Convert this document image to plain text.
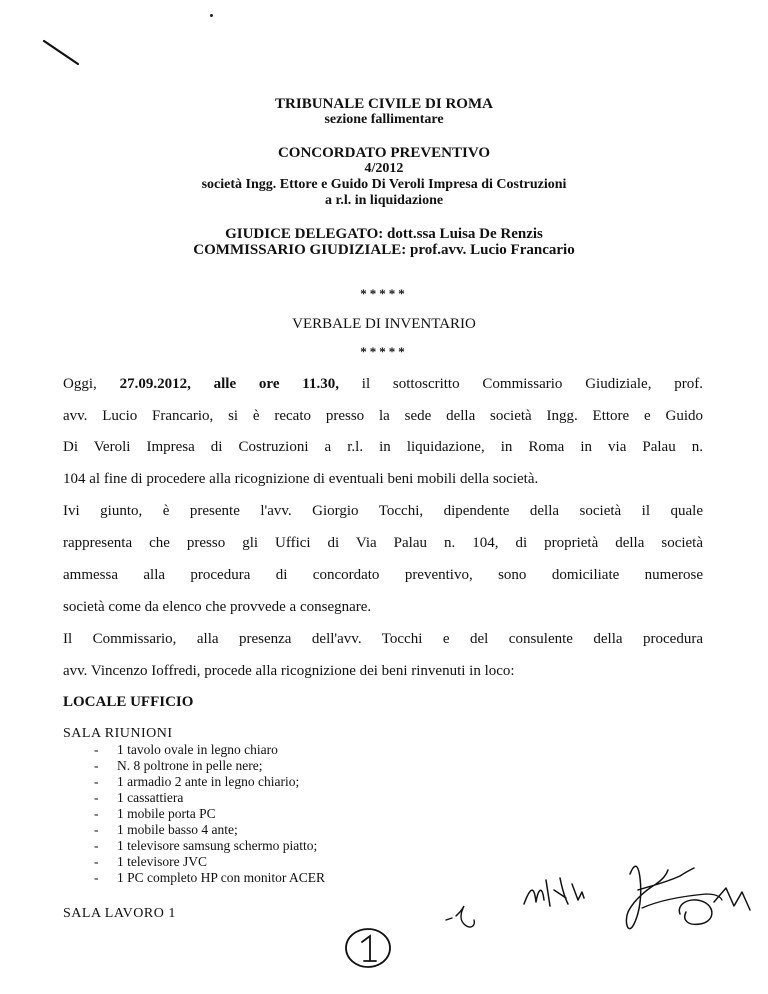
TRIBUNALE CIVILE DI ROMA
sezione fallimentare
CONCORDATO PREVENTIVO
4/2012
società Ingg. Ettore e Guido Di Veroli Impresa di Costruzioni
a r.l. in liquidazione
GIUDICE DELEGATO: dott.ssa Luisa De Renzis
COMMISSARIO GIUDIZIALE: prof.avv. Lucio Francario
*****
VERBALE DI INVENTARIO
*****
Oggi, 27.09.2012, alle ore 11.30, il sottoscritto Commissario Giudiziale, prof.
avv. Lucio Francario, si è recato presso la sede della società Ingg. Ettore e Guido
Di Veroli Impresa di Costruzioni a r.l. in liquidazione, in Roma in via Palau n.
104 al fine di procedere alla ricognizione di eventuali beni mobili della società.
Ivi giunto, è presente l'avv. Giorgio Tocchi, dipendente della società il quale
rappresenta che presso gli Uffici di Via Palau n. 104, di proprietà della società
ammessa alla procedura di concordato preventivo, sono domiciliate numerose
società come da elenco che provvede a consegnare.
Il Commissario, alla presenza dell'avv. Tocchi e del consulente della procedura
avv. Vincenzo Ioffredi, procede alla ricognizione dei beni rinvenuti in loco:
LOCALE UFFICIO
SALA RIUNIONI
- 1 tavolo ovale in legno chiaro
- N. 8 poltrone in pelle nere;
- 1 armadio 2 ante in legno chiario;
- 1 cassattiera
- 1 mobile porta PC
- 1 mobile basso 4 ante;
- 1 televisore samsung schermo piatto;
- 1 televisore JVC
- 1 PC completo HP con monitor ACER
SALA LAVORO 1
